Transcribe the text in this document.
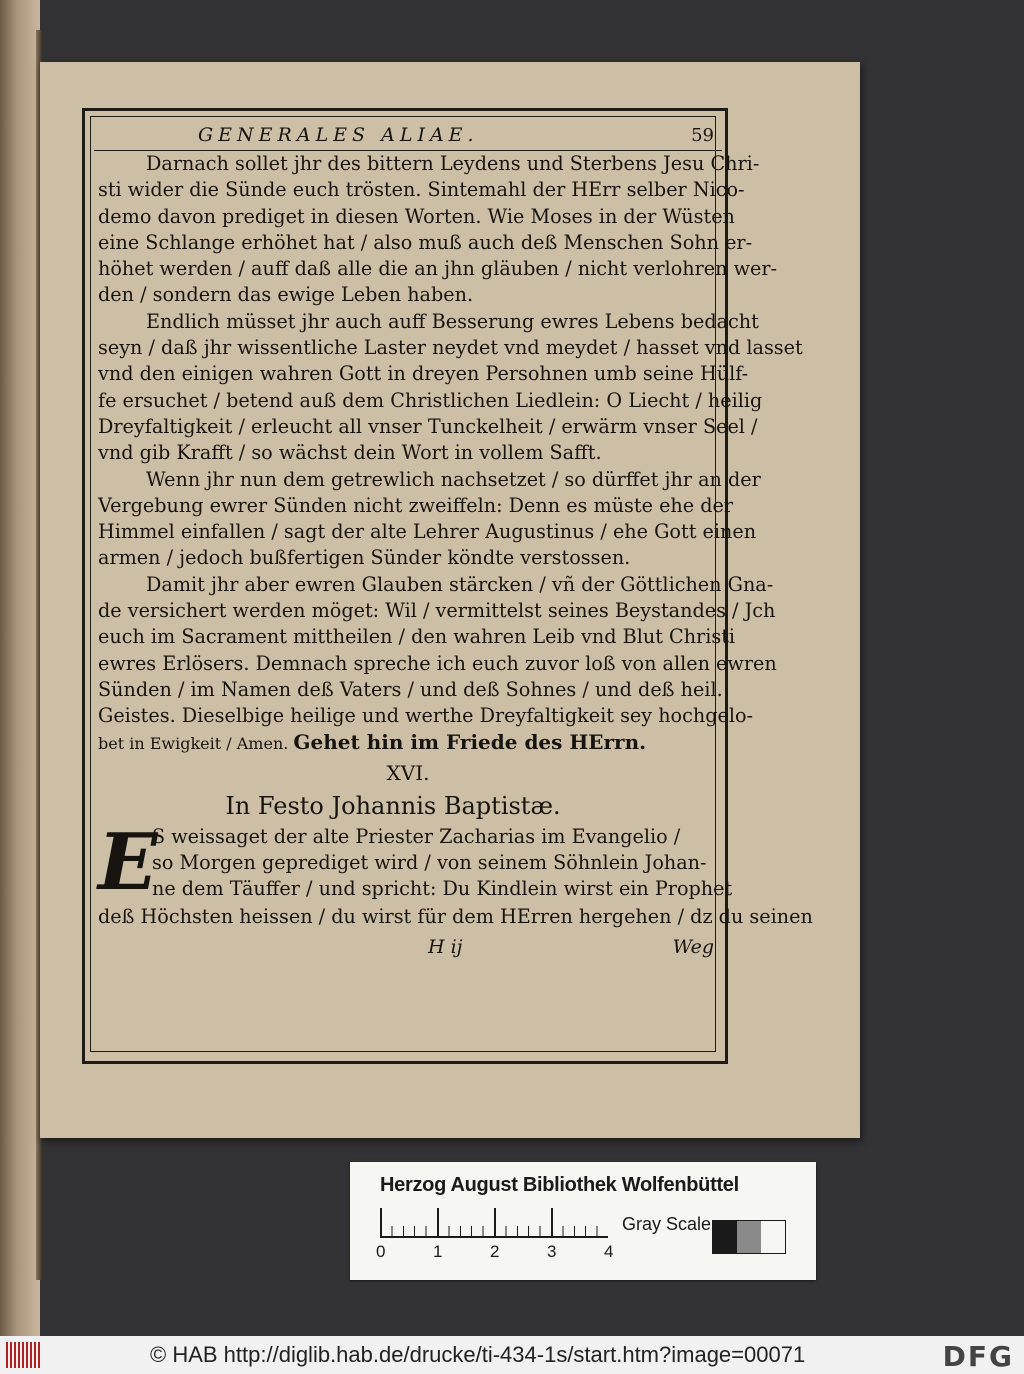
GENERALES ALIAE.	59
Darnach sollet jhr des bittern Leydens und Sterbens Jesu Chri-
sti wider die Sünde euch trösten. Sintemahl der HErr selber Nico-
demo davon prediget in diesen Worten. Wie Moses in der Wüsten
eine Schlange erhöhet hat / also muß auch deß Menschen Sohn er-
höhet werden / auff daß alle die an jhn gläuben / nicht verlohren wer-
den / sondern das ewige Leben haben.
Endlich müsset jhr auch auff Besserung ewres Lebens bedacht
seyn / daß jhr wissentliche Laster neydet vnd meydet / hasset vnd lasset
vnd den einigen wahren Gott in dreyen Persohnen umb seine Hülf-
fe ersuchet / betend auß dem Christlichen Liedlein: O Liecht / heilig
Dreyfaltigkeit / erleucht all vnser Tunckelheit / erwärm vnser Seel /
vnd gib Krafft / so wächst dein Wort in vollem Safft.
Wenn jhr nun dem getrewlich nachsetzet / so dürffet jhr an der
Vergebung ewrer Sünden nicht zweiffeln: Denn es müste ehe der
Himmel einfallen / sagt der alte Lehrer Augustinus / ehe Gott einen
armen / jedoch bußfertigen Sünder köndte verstossen.
Damit jhr aber ewren Glauben stärcken / vñ der Göttlichen Gna-
de versichert werden möget: Wil / vermittelst seines Beystandes / Jch
euch im Sacrament mittheilen / den wahren Leib vnd Blut Christi
ewres Erlösers. Demnach spreche ich euch zuvor loß von allen ewren
Sünden / im Namen deß Vaters / und deß Sohnes / und deß heil.
Geistes. Dieselbige heilige und werthe Dreyfaltigkeit sey hochgelo-
bet in Ewigkeit / Amen. Gehet hin im Friede des HErrn.
XVI.
In Festo Johannis Baptistæ.
E
S weissaget der alte Priester Zacharias im Evangelio /
so Morgen geprediget wird / von seinem Söhnlein Johan-
ne dem Täuffer / und spricht: Du Kindlein wirst ein Prophet
deß Höchsten heissen / du wirst für dem HErren hergehen / dz du seinen
H ij	Weg
Herzog August Bibliothek Wolfenbüttel
0	1	2	3	4
Gray Scale
© HAB http://diglib.hab.de/drucke/ti-434-1s/start.htm?image=00071	DFG
